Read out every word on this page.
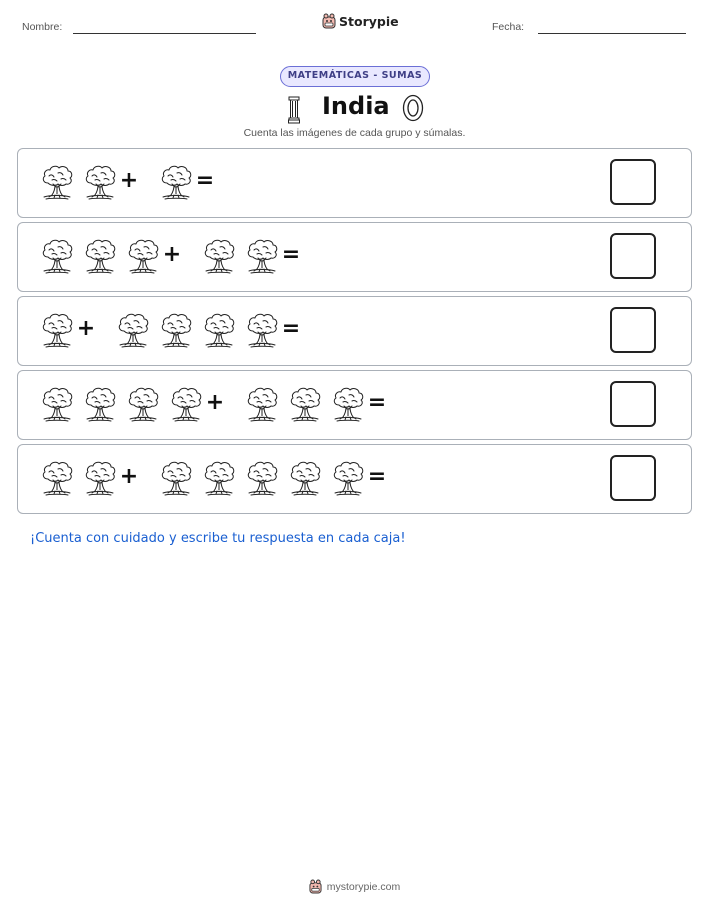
Nombre:	Storypie	Fecha:
MATEMÁTICAS - SUMAS
India
Cuenta las imágenes de cada grupo y súmalas.
+	=
+	=
+	=
+	=
+	=
¡Cuenta con cuidado y escribe tu respuesta en cada caja!
mystorypie.com
